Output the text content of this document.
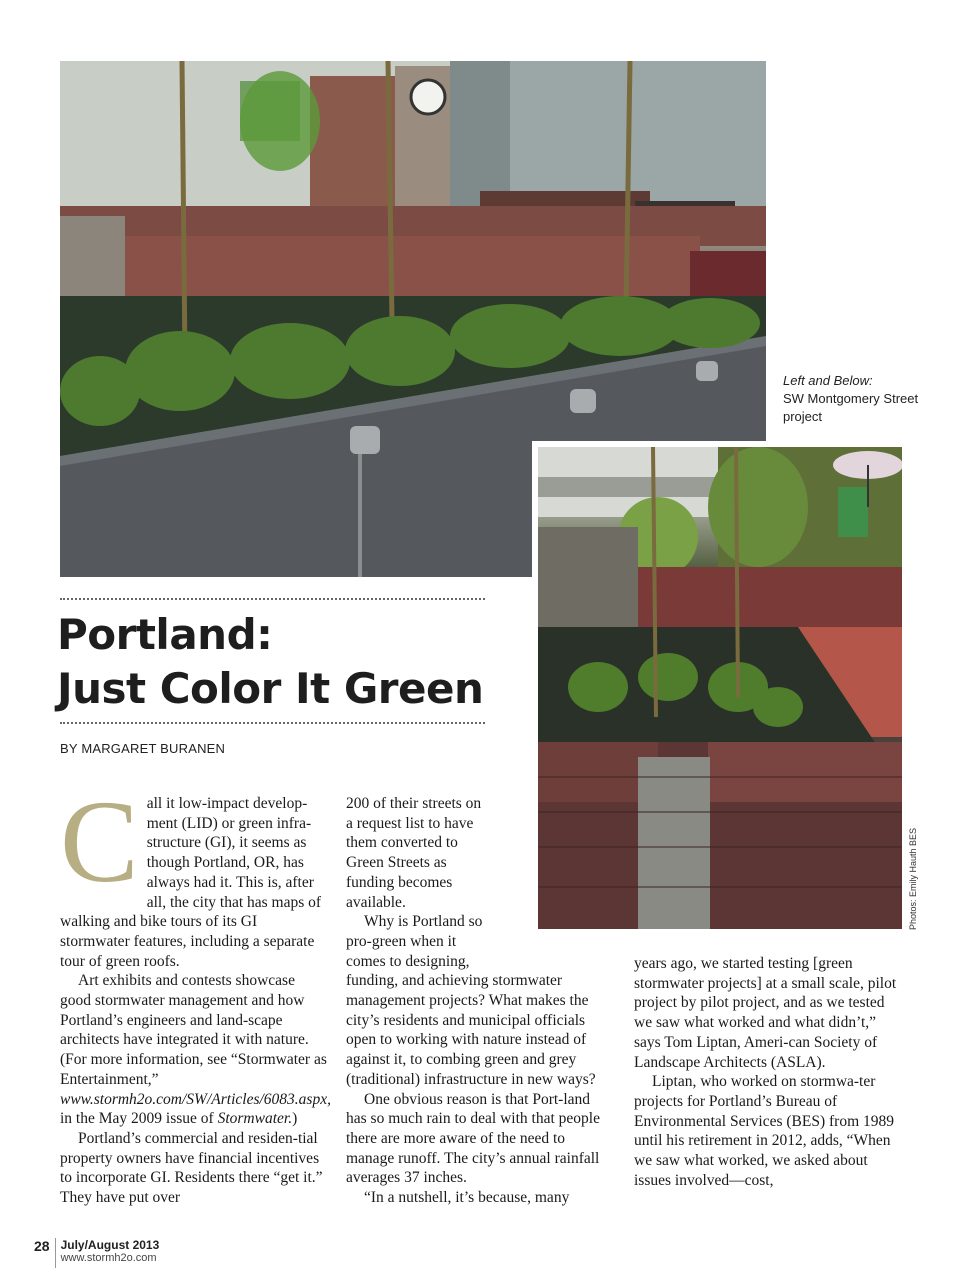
Left and Below:
SW Montgomery Street project
Photos: Emily Hauth BES
Portland:
Just Color It Green
BY MARGARET BURANEN

C all it low-impact develop-
ment (LID) or green infra-
structure (GI), it seems as
though Portland, OR, has
always had it. This is, after all, the city that has maps of walking and bike tours of its GI stormwater features, including a separate tour of green roofs.

Art exhibits and contests showcase good stormwater management and how Portland’s engineers and land-scape architects have integrated it with nature. (For more information, see “Stormwater as Entertainment,” www.stormh2o.com/SW/Articles/6083.aspx, in the May 2009 issue of Stormwater.)

Portland’s commercial and residen-tial property owners have financial incentives to incorporate GI. Residents there “get it.” They have put over

200 of their streets on a request list to have them converted to Green Streets as funding becomes available.

Why is Portland so pro-green when it comes to designing,
funding, and achieving stormwater management projects? What makes the city’s residents and municipal officials open to working with nature instead of against it, to combing green and grey (traditional) infrastructure in new ways?

One obvious reason is that Port-land has so much rain to deal with that people there are more aware of the need to manage runoff. The city’s annual rainfall averages 37 inches.

“In a nutshell, it’s because, many

years ago, we started testing [green stormwater projects] at a small scale, pilot project by pilot project, and as we tested we saw what worked and what didn’t,” says Tom Liptan, Ameri-can Society of Landscape Architects (ASLA).

Liptan, who worked on stormwa-ter projects for Portland’s Bureau of Environmental Services (BES) from 1989 until his retirement in 2012, adds, “When we saw what worked, we asked about issues involved—cost,

28 July/August 2013
www.stormh2o.com
